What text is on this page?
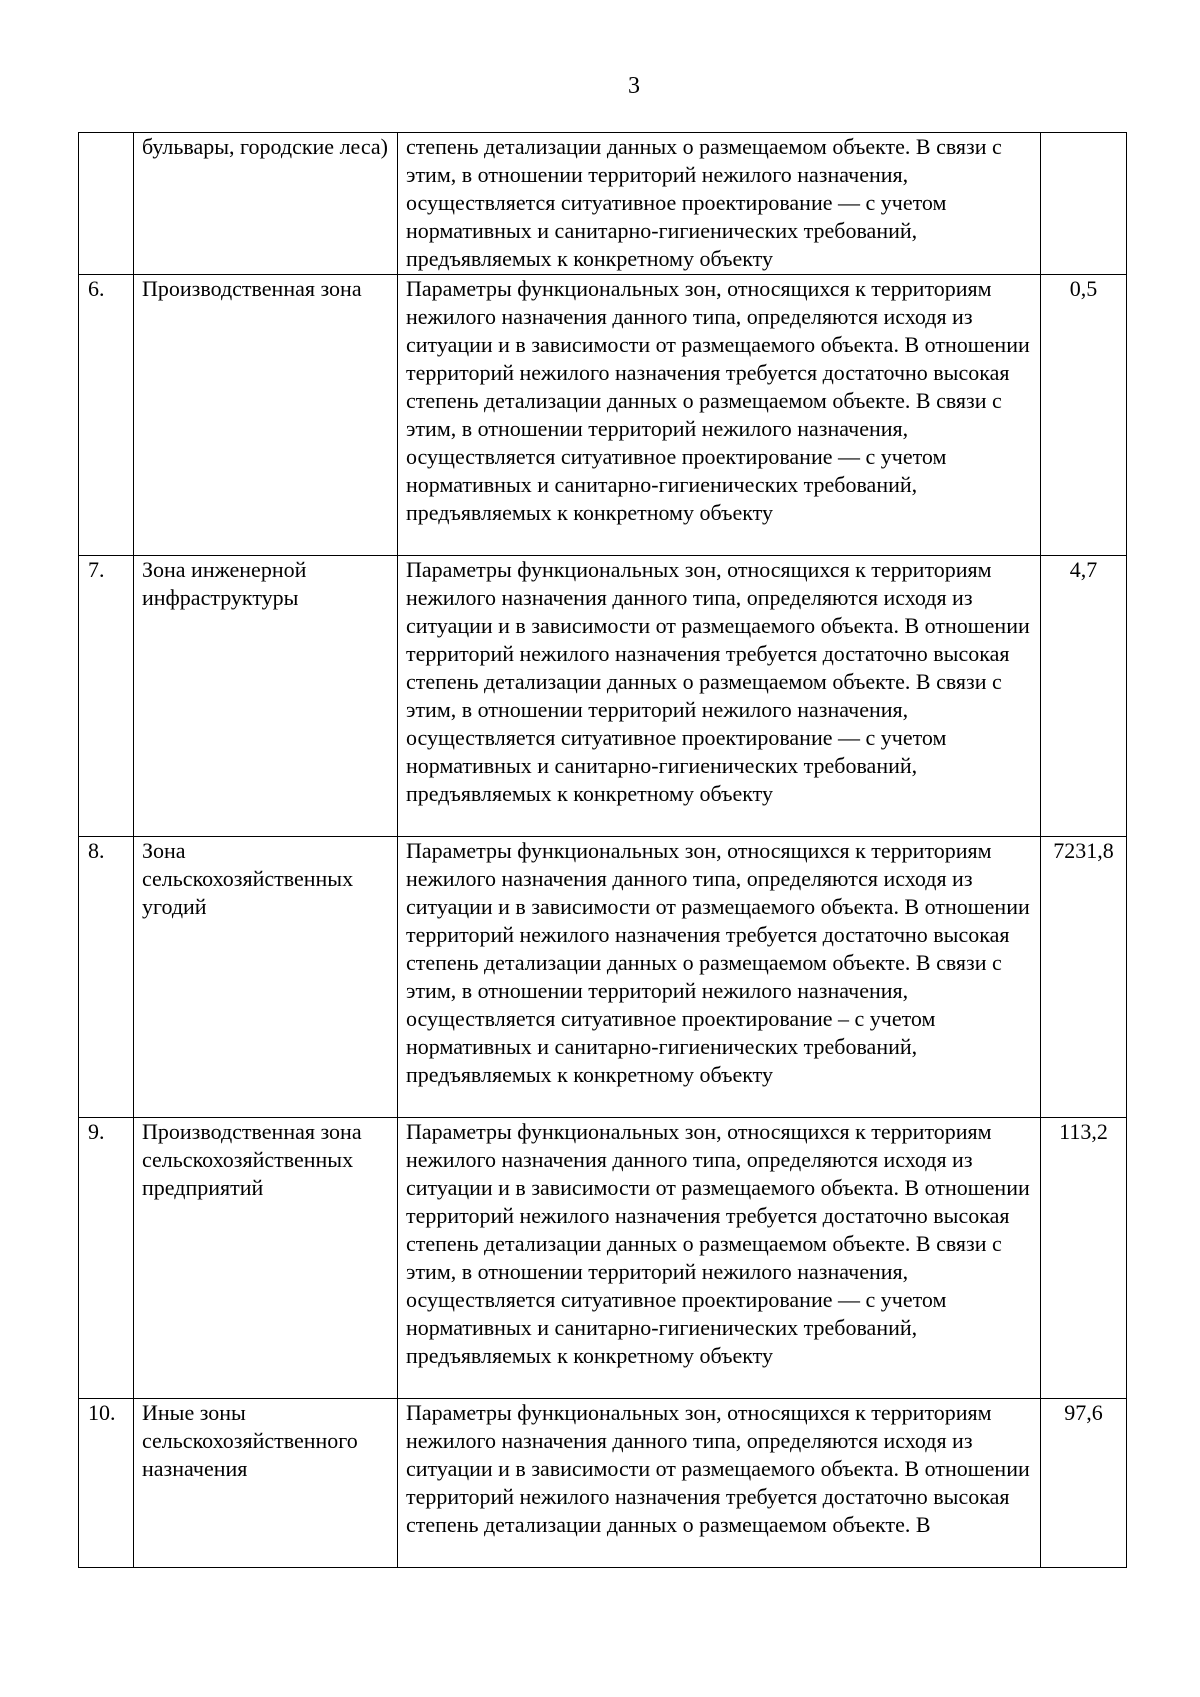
3
	бульвары, городские леса)	степень детализации данных о размещаемом объекте. В связи с этим, в отношении территорий нежилого назначения, осуществляется ситуативное проектирование — с учетом нормативных и санитарно-гигиенических требований, предъявляемых к конкретному объекту	
6.	Производственная зона	Параметры функциональных зон, относящихся к территориям нежилого назначения данного типа, определяются исходя из ситуации и в зависимости от размещаемого объекта. В отношении территорий нежилого назначения требуется достаточно высокая степень детализации данных о размещаемом объекте. В связи с этим, в отношении территорий нежилого назначения, осуществляется ситуативное проектирование — с учетом нормативных и санитарно-гигиенических требований, предъявляемых к конкретному объекту	0,5
7.	Зона инженерной инфраструктуры	Параметры функциональных зон, относящихся к территориям нежилого назначения данного типа, определяются исходя из ситуации и в зависимости от размещаемого объекта. В отношении территорий нежилого назначения требуется достаточно высокая степень детализации данных о размещаемом объекте. В связи с этим, в отношении территорий нежилого назначения, осуществляется ситуативное проектирование — с учетом нормативных и санитарно-гигиенических требований, предъявляемых к конкретному объекту	4,7
8.	Зона сельскохозяйственных угодий	Параметры функциональных зон, относящихся к территориям нежилого назначения данного типа, определяются исходя из ситуации и в зависимости от размещаемого объекта. В отношении территорий нежилого назначения требуется достаточно высокая степень детализации данных о размещаемом объекте. В связи с этим, в отношении территорий нежилого назначения, осуществляется ситуативное проектирование – с учетом нормативных и санитарно-гигиенических требований, предъявляемых к конкретному объекту	7231,8
9.	Производственная зона сельскохозяйственных предприятий	Параметры функциональных зон, относящихся к территориям нежилого назначения данного типа, определяются исходя из ситуации и в зависимости от размещаемого объекта. В отношении территорий нежилого назначения требуется достаточно высокая степень детализации данных о размещаемом объекте. В связи с этим, в отношении территорий нежилого назначения, осуществляется ситуативное проектирование — с учетом нормативных и санитарно-гигиенических требований, предъявляемых к конкретному объекту	113,2
10.	Иные зоны сельскохозяйственного назначения	Параметры функциональных зон, относящихся к территориям нежилого назначения данного типа, определяются исходя из ситуации и в зависимости от размещаемого объекта. В отношении территорий нежилого назначения требуется достаточно высокая степень детализации данных о размещаемом объекте. В	97,6
